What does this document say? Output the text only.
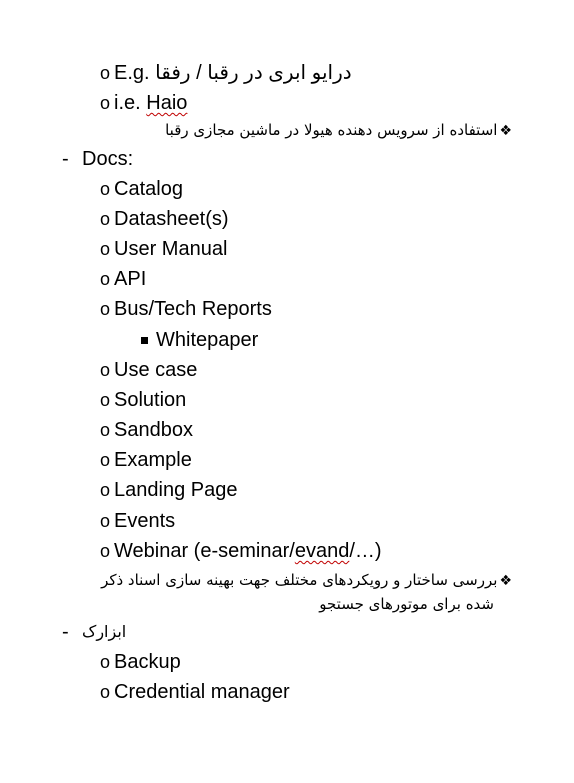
o E.g. درایو ابری در رقبا / رفقا
o i.e. Haio
❖استفاده از سرویس دهنده هیولا در ماشین مجازی رقبا
- Docs:
o Catalog
o Datasheet(s)
o User Manual
o API
o Bus/Tech Reports
Whitepaper
o Use case
o Solution
o Sandbox
o Example
o Landing Page
o Events
o Webinar (e-seminar/evand/…)
❖بررسی ساختار و رویکردهای مختلف جهت بهینه سازی اسناد ذکر
شده برای موتورهای جستجو
- ابزارک
o Backup
o Credential manager
